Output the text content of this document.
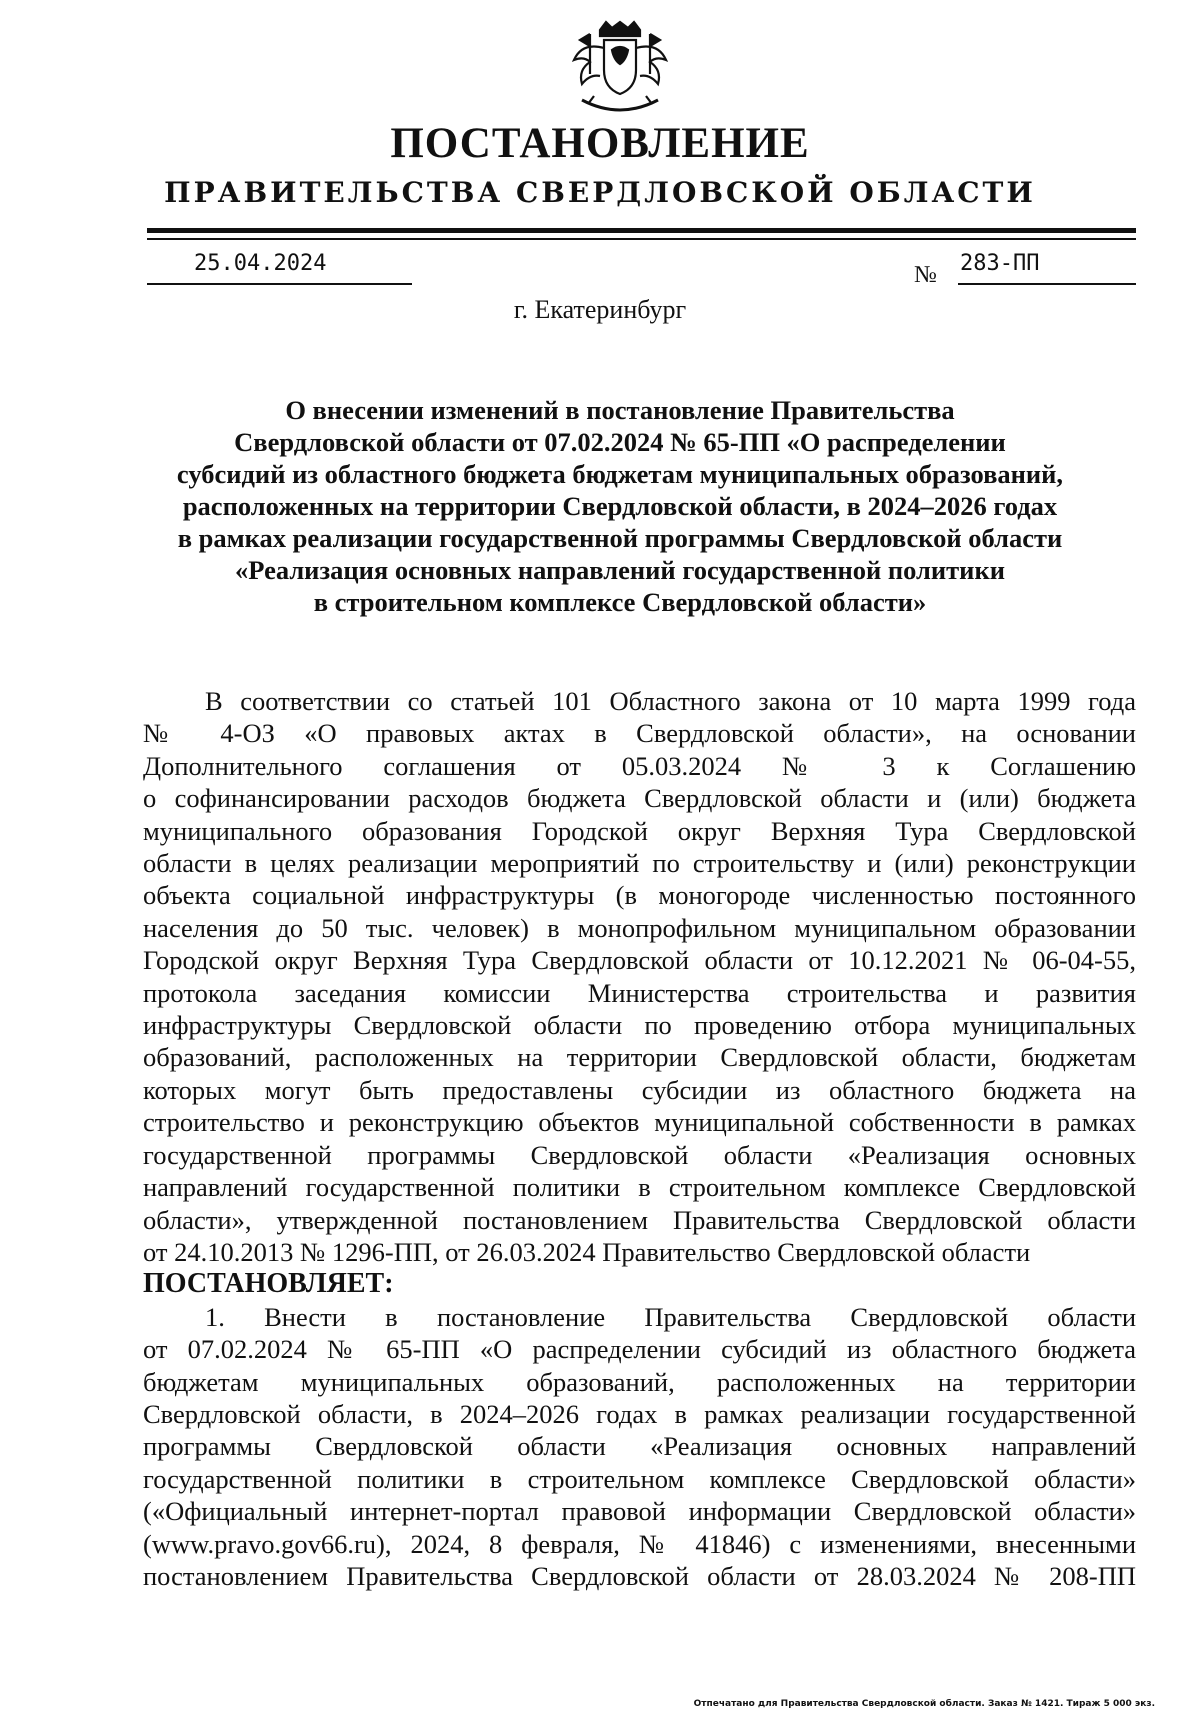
ПОСТАНОВЛЕНИЕ
ПРАВИТЕЛЬСТВА СВЕРДЛОВСКОЙ ОБЛАСТИ
25.04.2024	№ 283-ПП
г. Екатеринбург
О внесении изменений в постановление Правительства
Свердловской области от 07.02.2024 № 65-ПП «О распределении
субсидий из областного бюджета бюджетам муниципальных образований,
расположенных на территории Свердловской области, в 2024–2026 годах
в рамках реализации государственной программы Свердловской области
«Реализация основных направлений государственной политики
в строительном комплексе Свердловской области»
В соответствии со статьей 101 Областного закона от 10 марта 1999 года
№ 4-ОЗ «О правовых актах в Свердловской области», на основании
Дополнительного соглашения от 05.03.2024 № 3 к Соглашению
о софинансировании расходов бюджета Свердловской области и (или) бюджета
муниципального образования Городской округ Верхняя Тура Свердловской
области в целях реализации мероприятий по строительству и (или) реконструкции
объекта социальной инфраструктуры (в моногороде численностью постоянного
населения до 50 тыс. человек) в монопрофильном муниципальном образовании
Городской округ Верхняя Тура Свердловской области от 10.12.2021 № 06-04-55,
протокола заседания комиссии Министерства строительства и развития
инфраструктуры Свердловской области по проведению отбора муниципальных
образований, расположенных на территории Свердловской области, бюджетам
которых могут быть предоставлены субсидии из областного бюджета на
строительство и реконструкцию объектов муниципальной собственности в рамках
государственной программы Свердловской области «Реализация основных
направлений государственной политики в строительном комплексе Свердловской
области», утвержденной постановлением Правительства Свердловской области
от 24.10.2013 № 1296-ПП, от 26.03.2024 Правительство Свердловской области
ПОСТАНОВЛЯЕТ:
1. Внести в постановление Правительства Свердловской области
от 07.02.2024 № 65-ПП «О распределении субсидий из областного бюджета
бюджетам муниципальных образований, расположенных на территории
Свердловской области, в 2024–2026 годах в рамках реализации государственной
программы Свердловской области «Реализация основных направлений
государственной политики в строительном комплексе Свердловской области»
(«Официальный интернет-портал правовой информации Свердловской области»
(www.pravo.gov66.ru), 2024, 8 февраля, № 41846) с изменениями, внесенными
постановлением Правительства Свердловской области от 28.03.2024 № 208-ПП
Отпечатано для Правительства Свердловской области. Заказ № 1421. Тираж 5 000 экз.
